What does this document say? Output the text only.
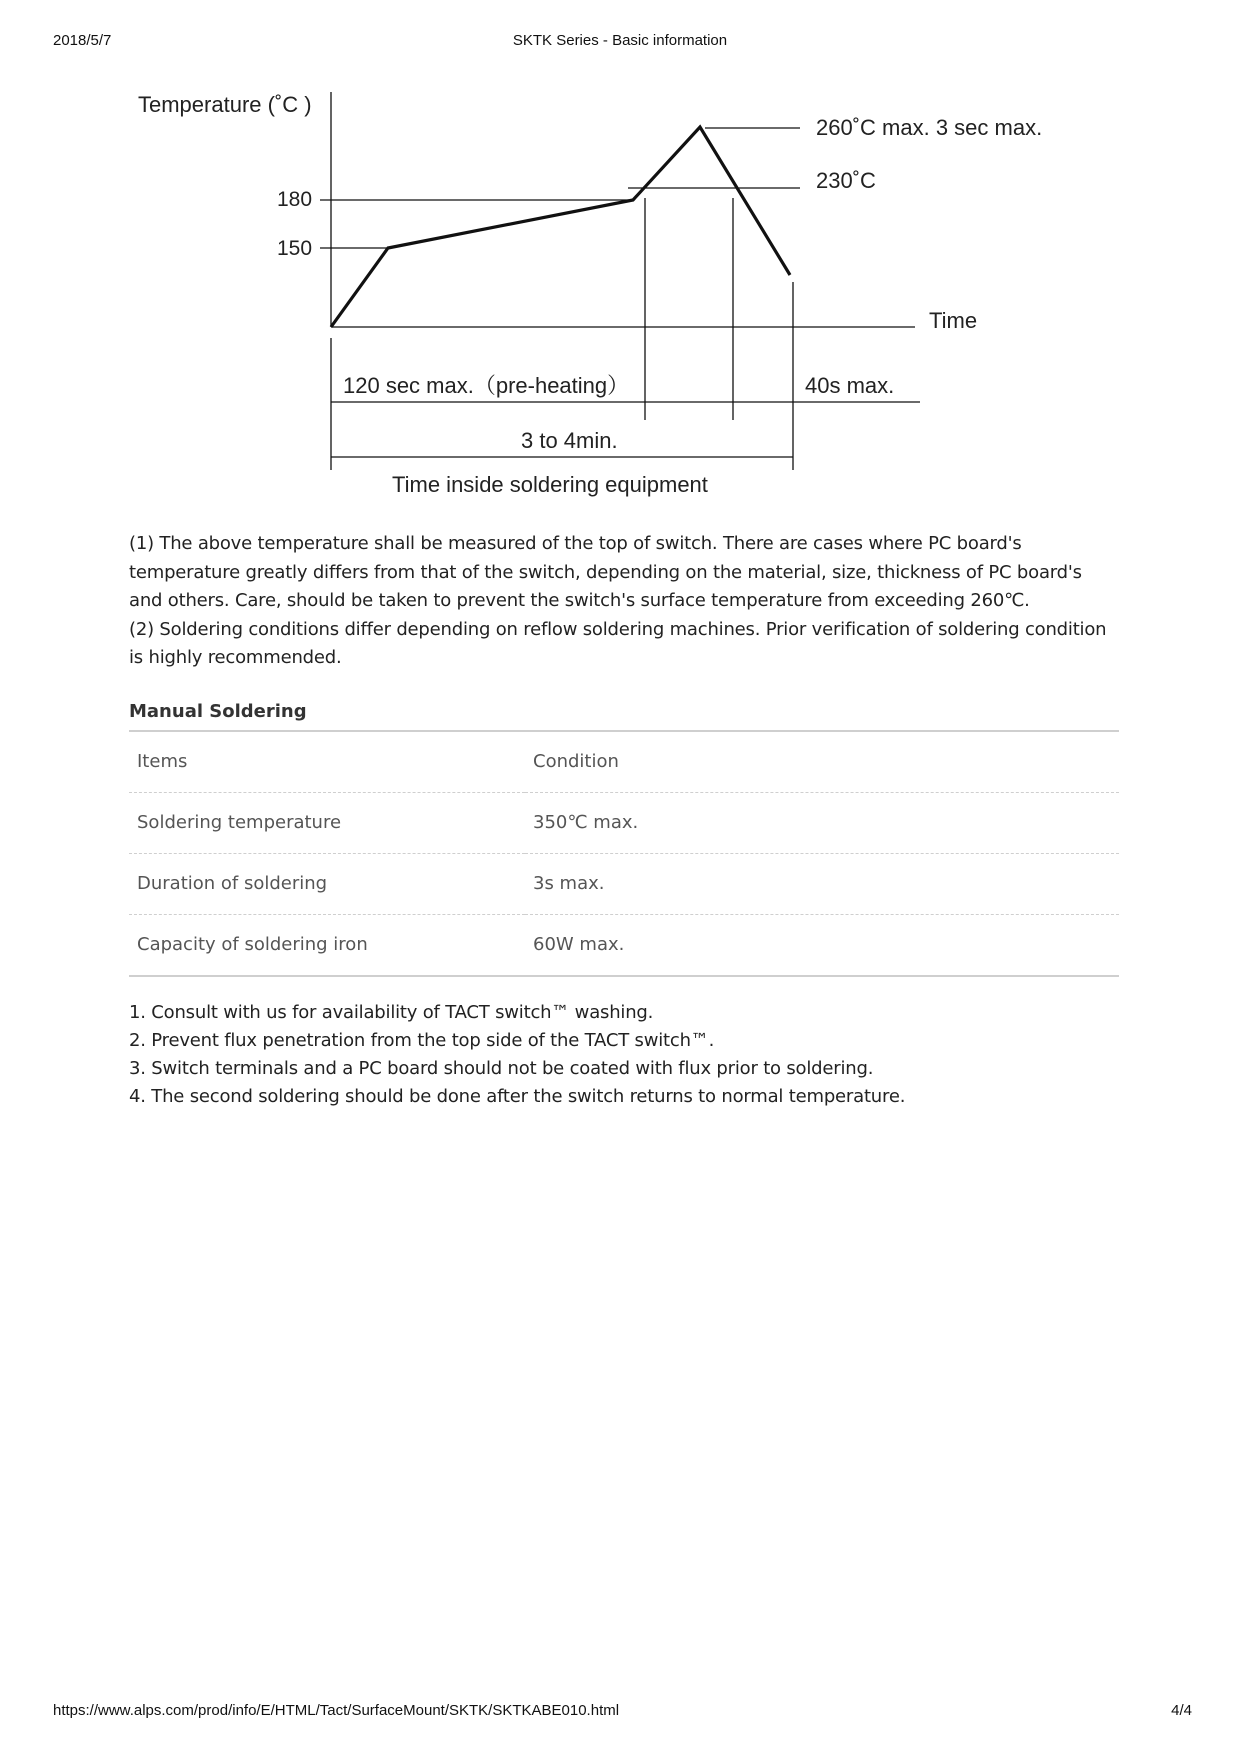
2018/5/7	SKTK Series - Basic information
Temperature (˚C )
180
150
260˚C max. 3 sec max.
230˚C
Time
120 sec max.（pre-heating）	40s max.
3 to 4min.
Time inside soldering equipment

(1) The above temperature shall be measured of the top of switch. There are cases where PC board's temperature greatly differs from that of the switch, depending on the material, size, thickness of PC board's and others. Care, should be taken to prevent the switch's surface temperature from exceeding 260℃.

(2) Soldering conditions differ depending on reflow soldering machines. Prior verification of soldering condition is highly recommended.

Manual Soldering
Items	Condition
Soldering temperature	350℃ max.
Duration of soldering	3s max.
Capacity of soldering iron	60W max.
1. Consult with us for availability of TACT switch™ washing.
2. Prevent flux penetration from the top side of the TACT switch™.
3. Switch terminals and a PC board should not be coated with flux prior to soldering.
4. The second soldering should be done after the switch returns to normal temperature.
https://www.alps.com/prod/info/E/HTML/Tact/SurfaceMount/SKTK/SKTKABE010.html	4/4
